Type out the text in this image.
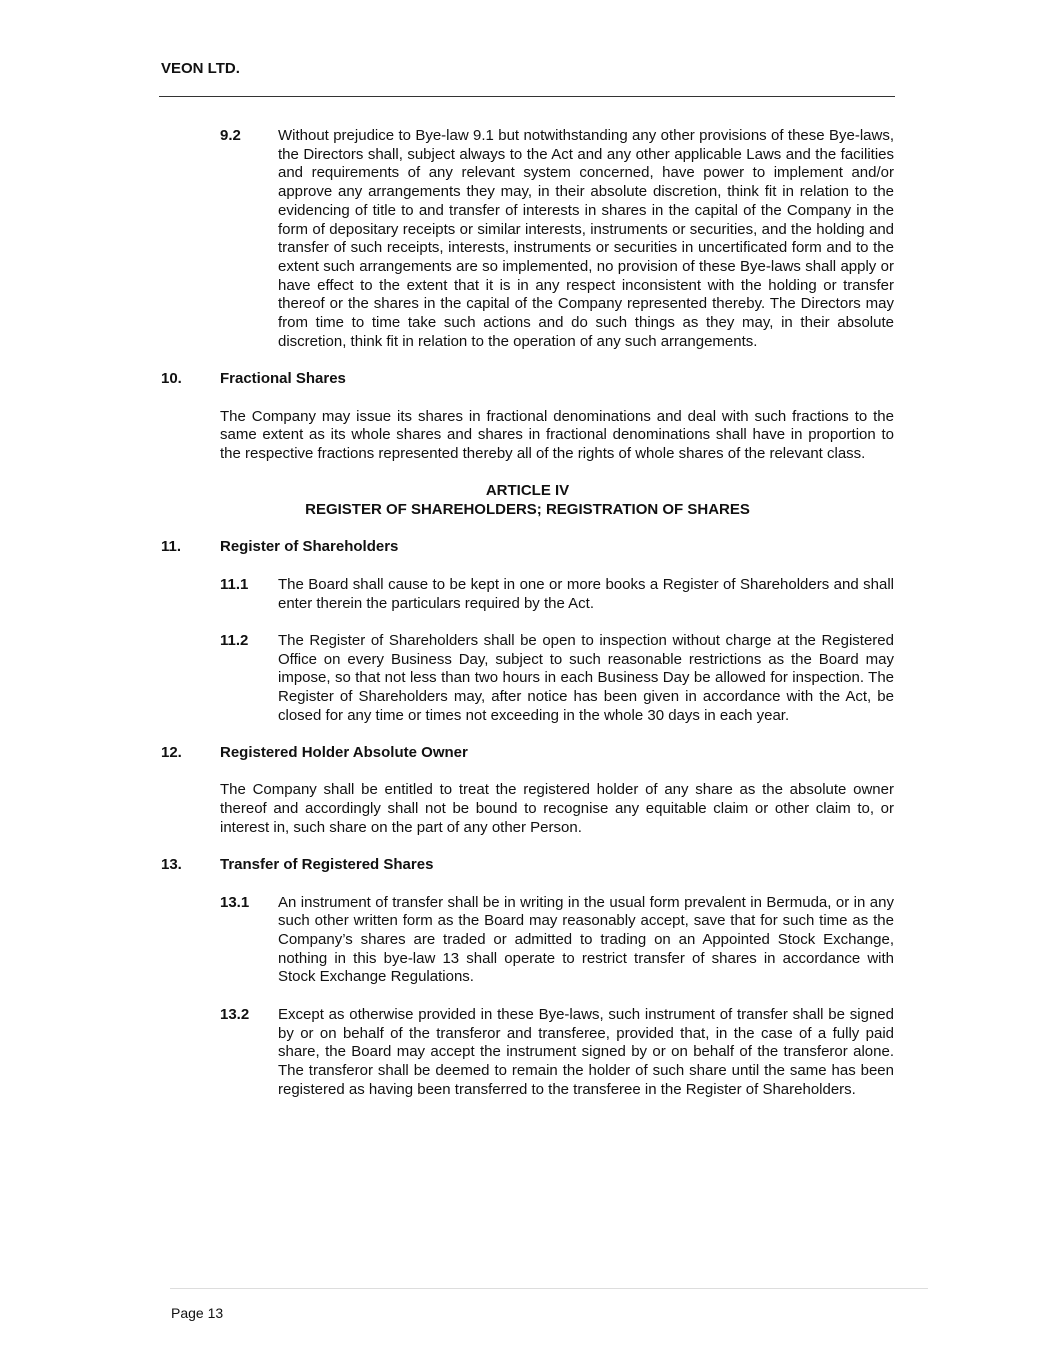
VEON LTD.
9.2	Without prejudice to Bye-law 9.1 but notwithstanding any other provisions of these Bye-laws, the Directors shall, subject always to the Act and any other applicable Laws and the facilities and requirements of any relevant system concerned, have power to implement and/or approve any arrangements they may, in their absolute discretion, think fit in relation to the evidencing of title to and transfer of interests in shares in the capital of the Company in the form of depositary receipts or similar interests, instruments or securities, and the holding and transfer of such receipts, interests, instruments or securities in uncertificated form and to the extent such arrangements are so implemented, no provision of these Bye-laws shall apply or have effect to the extent that it is in any respect inconsistent with the holding or transfer thereof or the shares in the capital of the Company represented thereby. The Directors may from time to time take such actions and do such things as they may, in their absolute discretion, think fit in relation to the operation of any such arrangements.
10.	Fractional Shares

The Company may issue its shares in fractional denominations and deal with such fractions to the same extent as its whole shares and shares in fractional denominations shall have in proportion to the respective fractions represented thereby all of the rights of whole shares of the relevant class.

ARTICLE IV
REGISTER OF SHAREHOLDERS; REGISTRATION OF SHARES
11.	Register of Shareholders
11.1	The Board shall cause to be kept in one or more books a Register of Shareholders and shall enter therein the particulars required by the Act.
11.2	The Register of Shareholders shall be open to inspection without charge at the Registered Office on every Business Day, subject to such reasonable restrictions as the Board may impose, so that not less than two hours in each Business Day be allowed for inspection. The Register of Shareholders may, after notice has been given in accordance with the Act, be closed for any time or times not exceeding in the whole 30 days in each year.
12.	Registered Holder Absolute Owner

The Company shall be entitled to treat the registered holder of any share as the absolute owner thereof and accordingly shall not be bound to recognise any equitable claim or other claim to, or interest in, such share on the part of any other Person.

13.	Transfer of Registered Shares
13.1	An instrument of transfer shall be in writing in the usual form prevalent in Bermuda, or in any such other written form as the Board may reasonably accept, save that for such time as the Company’s shares are traded or admitted to trading on an Appointed Stock Exchange, nothing in this bye-law 13 shall operate to restrict transfer of shares in accordance with Stock Exchange Regulations.
13.2	Except as otherwise provided in these Bye-laws, such instrument of transfer shall be signed by or on behalf of the transferor and transferee, provided that, in the case of a fully paid share, the Board may accept the instrument signed by or on behalf of the transferor alone. The transferor shall be deemed to remain the holder of such share until the same has been registered as having been transferred to the transferee in the Register of Shareholders.
Page 13
